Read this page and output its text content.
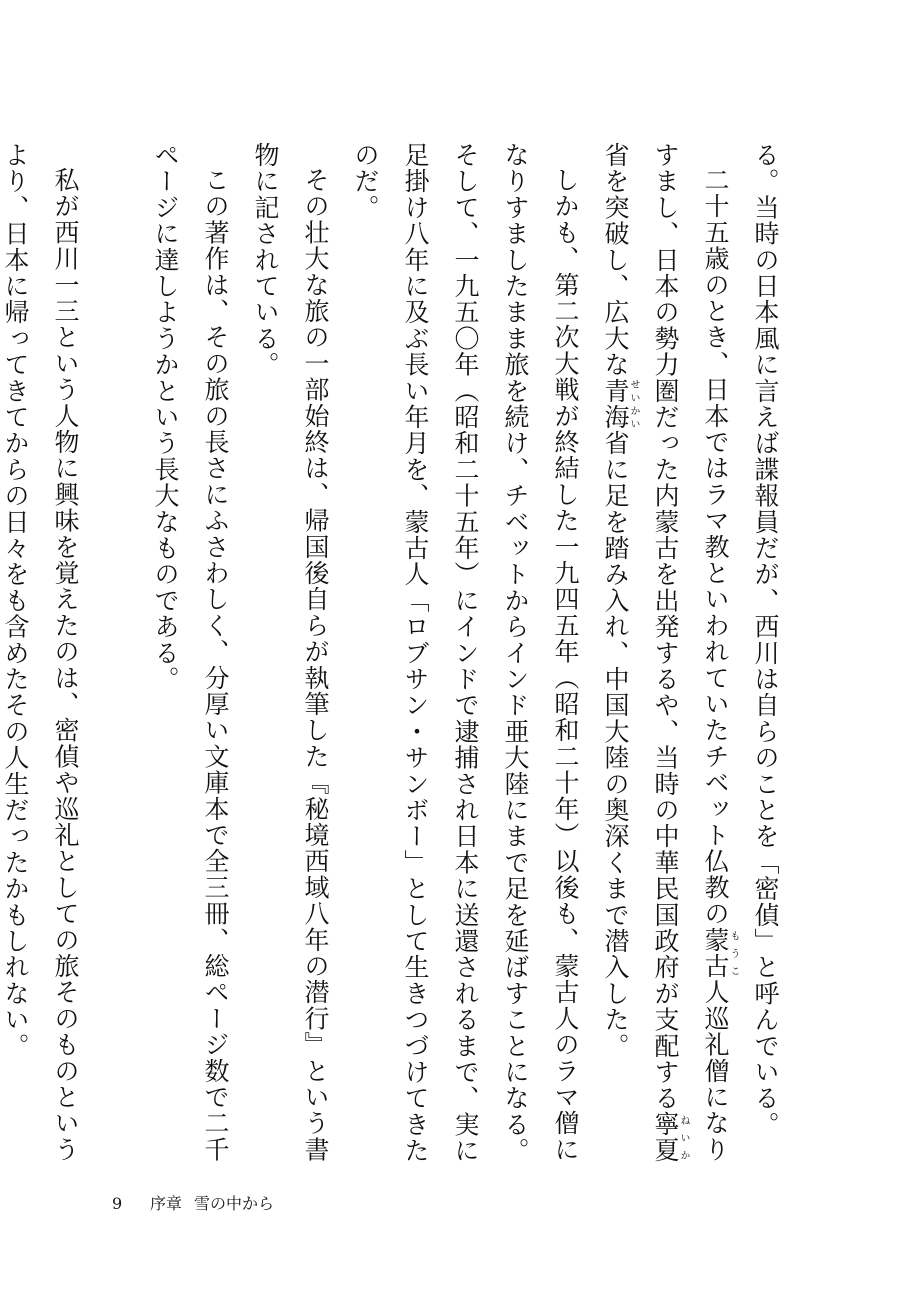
る。当時の日本風に言えば諜報員だが、西川は自らのことを「密偵」と呼んでいる。

二十五歳のとき、日本ではラマ教といわれていたチベット仏教の蒙古もうこ人巡礼僧になりすまし、日本の勢力圏だった内蒙古を出発するや、当時の中華民国政府が支配する寧夏ねいか省を突破し、広大な青海せいかい省に足を踏み入れ、中国大陸の奥深くまで潜入した。

しかも、第二次大戦が終結した一九四五年（昭和二十年）以後も、蒙古人のラマ僧になりすましたまま旅を続け、チベットからインド亜大陸にまで足を延ばすことになる。そして、一九五〇年（昭和二十五年）にインドで逮捕され日本に送還されるまで、実に足掛け八年に及ぶ長い年月を、蒙古人「ロブサン・サンボー」として生きつづけてきたのだ。

その壮大な旅の一部始終は、帰国後自らが執筆した『秘境西域八年の潜行』という書物に記されている。

この著作は、その旅の長さにふさわしく、分厚い文庫本で全三冊、総ページ数で二千ページに達しようかという長大なものである。

私が西川一三という人物に興味を覚えたのは、密偵や巡礼としての旅そのものというより、日本に帰ってきてからの日々をも含めたその人生だったかもしれない。

9 序章 雪の中から
